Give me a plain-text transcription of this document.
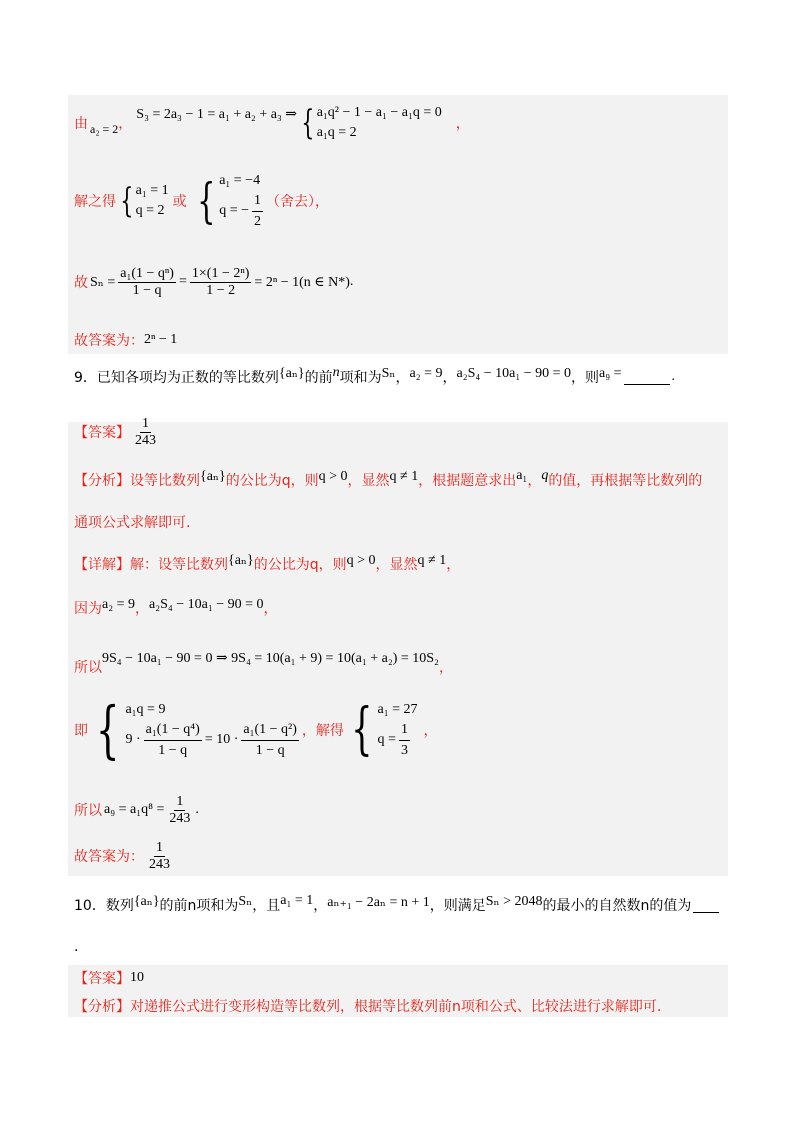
由 a₂ = 2 ，
S₃ = 2a₃ − 1 = a₁ + a₂ + a₃ ⇒ { a₁q² − 1 − a₁ − a₁q = 0
a₁q = 2
，
解之得 { a₁ = 1
q = 2
或 { a₁ = −4
q = − $\frac{1}{2}$ （舍去），
故 $S_n = \frac{\text{a₁(1 − qⁿ)}}{1 - q} = \frac{\text{1×(1 − 2ⁿ)}}{1 - 2} = 2^n - 1(n$ ∈ N*) .
故答案为： 2ⁿ − 1
9．已知各项均为正数的等比数列 {aₙ} 的前 n 项和为 Sₙ ， a₂ = 9 ， a₂S₄ − 10a₁ − 90 = 0 ，则 a₉ =	.
【答案】 $\frac{1}{243}$
【分析】 设等比数列 {aₙ} 的公比为q，则 q > 0 ，显然 q ≠ 1 ，根据题意求出 a₁ ， q 的值，再根据等比数列的
通项公式求解即可.
【详解】 解：设等比数列 {aₙ} 的公比为q，则 q > 0 ，显然 q ≠ 1 ，
因为 a₂ = 9 ， a₂S₄ − 10a₁ − 90 = 0 ，
所以
9S₄ − 10a₁ − 90 = 0 ⇒ 9S₄ = 10(a₁ + 9) = 10(a₁ + a₂) = 10S₂
，
即 { a₁q = 9
$9 \cdot \frac{\text{a₁(1 − q⁴)}}{1 - q} = 10 \cdot \frac{\text{a₁(1 − q²)}}{1 - q}$ ，解得 { a₁ = 27
$q = \frac{1}{3}$ ，
所以 $a_9 = a_1q^8 = \frac{1}{243}$ .
故答案为： $\frac{1}{243}$
10．数列 {aₙ} 的前n项和为 Sₙ ，且 a₁ = 1 ， aₙ₊₁ − 2aₙ = n + 1 ，则满足 Sₙ > 2048 的最小的自然数n的值为
.
【答案】 10
【分析】 对递推公式进行变形构造等比数列，根据等比数列前n项和公式、比较法进行求解即可.
